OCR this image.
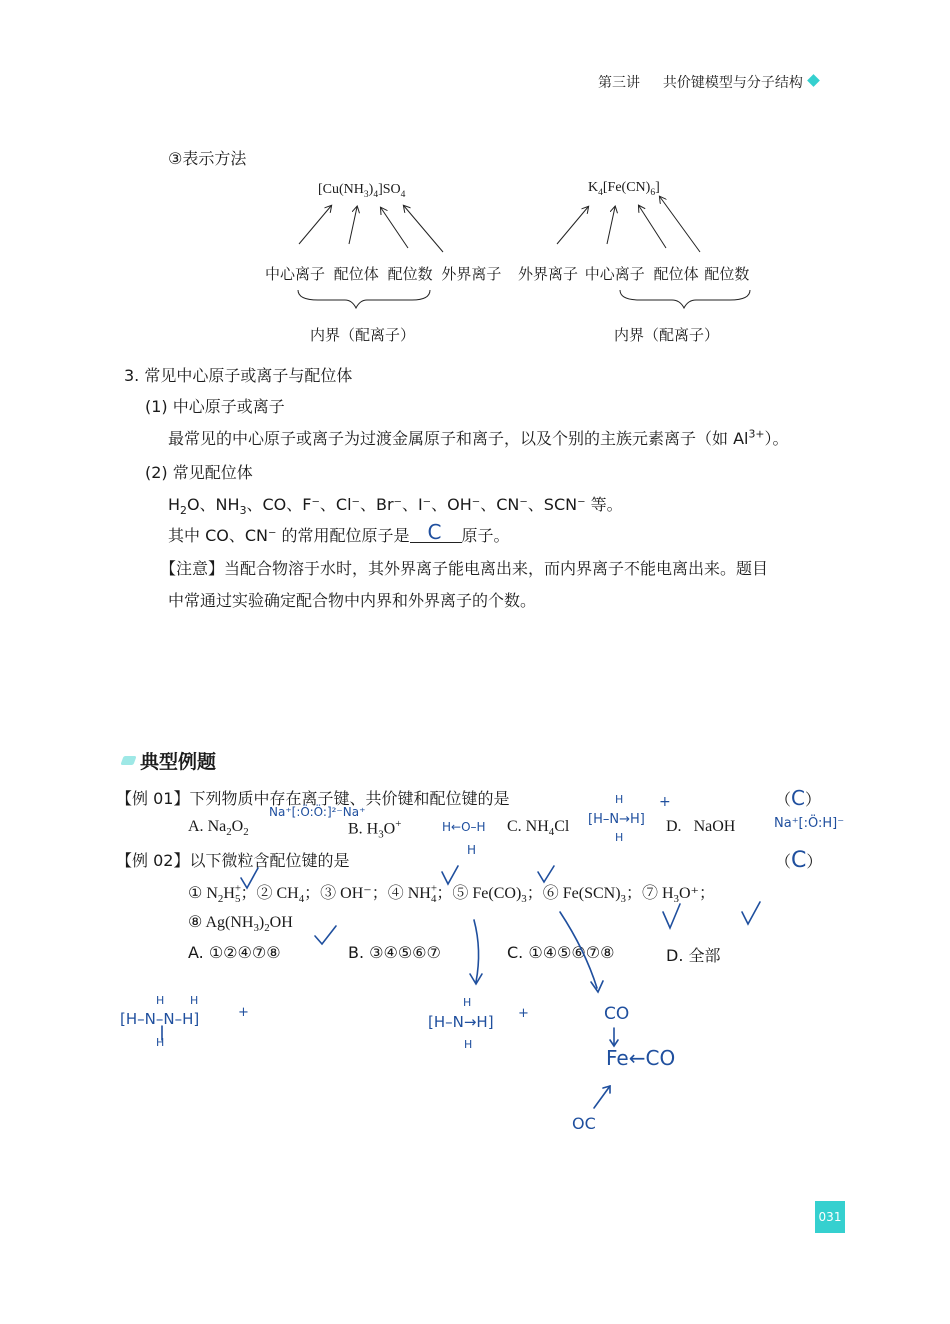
第三讲 共价键模型与分子结构
③表示方法
$[Cu(NH_3)_4]SO_4$	$K_4[Fe(CN)_6]$
中心离子 配位体 配位数 外界离子 外界离子 中心离子 配位体 配位数
内界（配离子）	内界（配离子）
3. 常见中心原子或离子与配位体
(1) 中心原子或离子
最常见的中心原子或离子为过渡金属原子和离子，以及个别的主族元素离子（如 $Al^{3+}$）。
(2) 常见配位体
$H_2O$、$NH_3$、CO、F⁻、Cl⁻、Br⁻、I⁻、OH⁻、CN⁻、SCN⁻ 等。
其中 CO、CN⁻ 的常用配位原子是 C 原子。
【注意】当配合物溶于水时，其外界离子能电离出来，而内界离子不能电离出来。题目
中常通过实验确定配合物中内界和外界离子的个数。
典型例题
【例 01】下列物质中存在离子键、共价键和配位键的是	（C）
A. $Na_2O_2$	B. $H_3O^+$	C. $NH_4Cl$	D. NaOH
Na⁺[:Ö:Ö:]²⁻Na⁺
H←O–H
H
H
[H–N→H]
H
+
Na⁺[:Ö:H]⁻
【例 02】以下微粒含配位键的是	（C）
① $N_2H^+_5$；② $CH_4$；③ OH⁻；④ $NH^+_4$；⑤ $Fe(CO)_3$；⑥ $Fe(SCN)_3$；⑦ $H_3O^+$；
⑧ $Ag(NH_3)_2OH$
A. ①②④⑦⑧	B. ③④⑤⑥⑦	C. ①④⑤⑥⑦⑧	D. 全部
H H
[H–N–N–H]
H
+
H
[H–N→H]
H
+	CO
Fe←CO
OC
031
